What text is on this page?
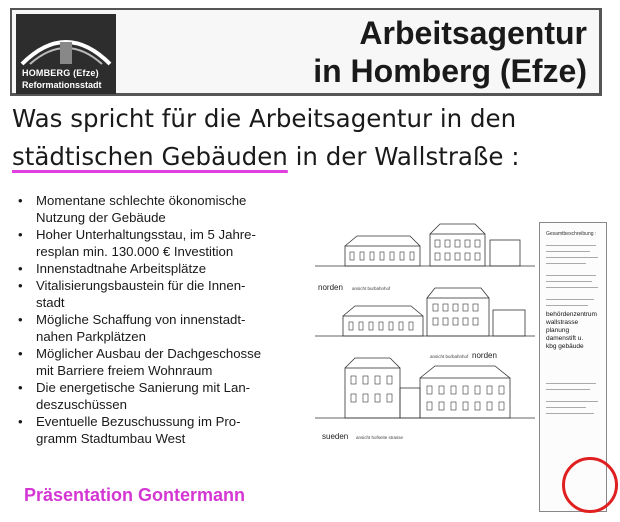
HOMBERG (Efze)
Reformationsstadt
Arbeitsagentur
in Homberg (Efze)
Was spricht für die Arbeitsagentur in den
städtischen Gebäuden in der Wallstraße :
• Momentane schlechte ökonomische
Nutzung der Gebäude
• Hoher Unterhaltungsstau, im 5 Jahre-
resplan min. 130.000 € Investition
• Innenstadtnahe Arbeitsplätze
• Vitalisierungsbaustein für die Innen-
stadt
• Mögliche Schaffung von innenstadt-
nahen Parkplätzen
• Möglicher Ausbau der Dachgeschosse
mit Barriere freiem Wohnraum
• Die energetische Sanierung mit Lan-
deszuschüssen
• Eventuelle Bezuschussung im Pro-
gramm Stadtumbau West
norden ansicht burbahnhof
norden
ansicht burbahnhof
sueden ansicht hofseite strasse
Gesamtbeschreibung :
behördenzentrum
wallstrasse
planung
damenstift u.
kbg gebäude
Präsentation Gontermann
